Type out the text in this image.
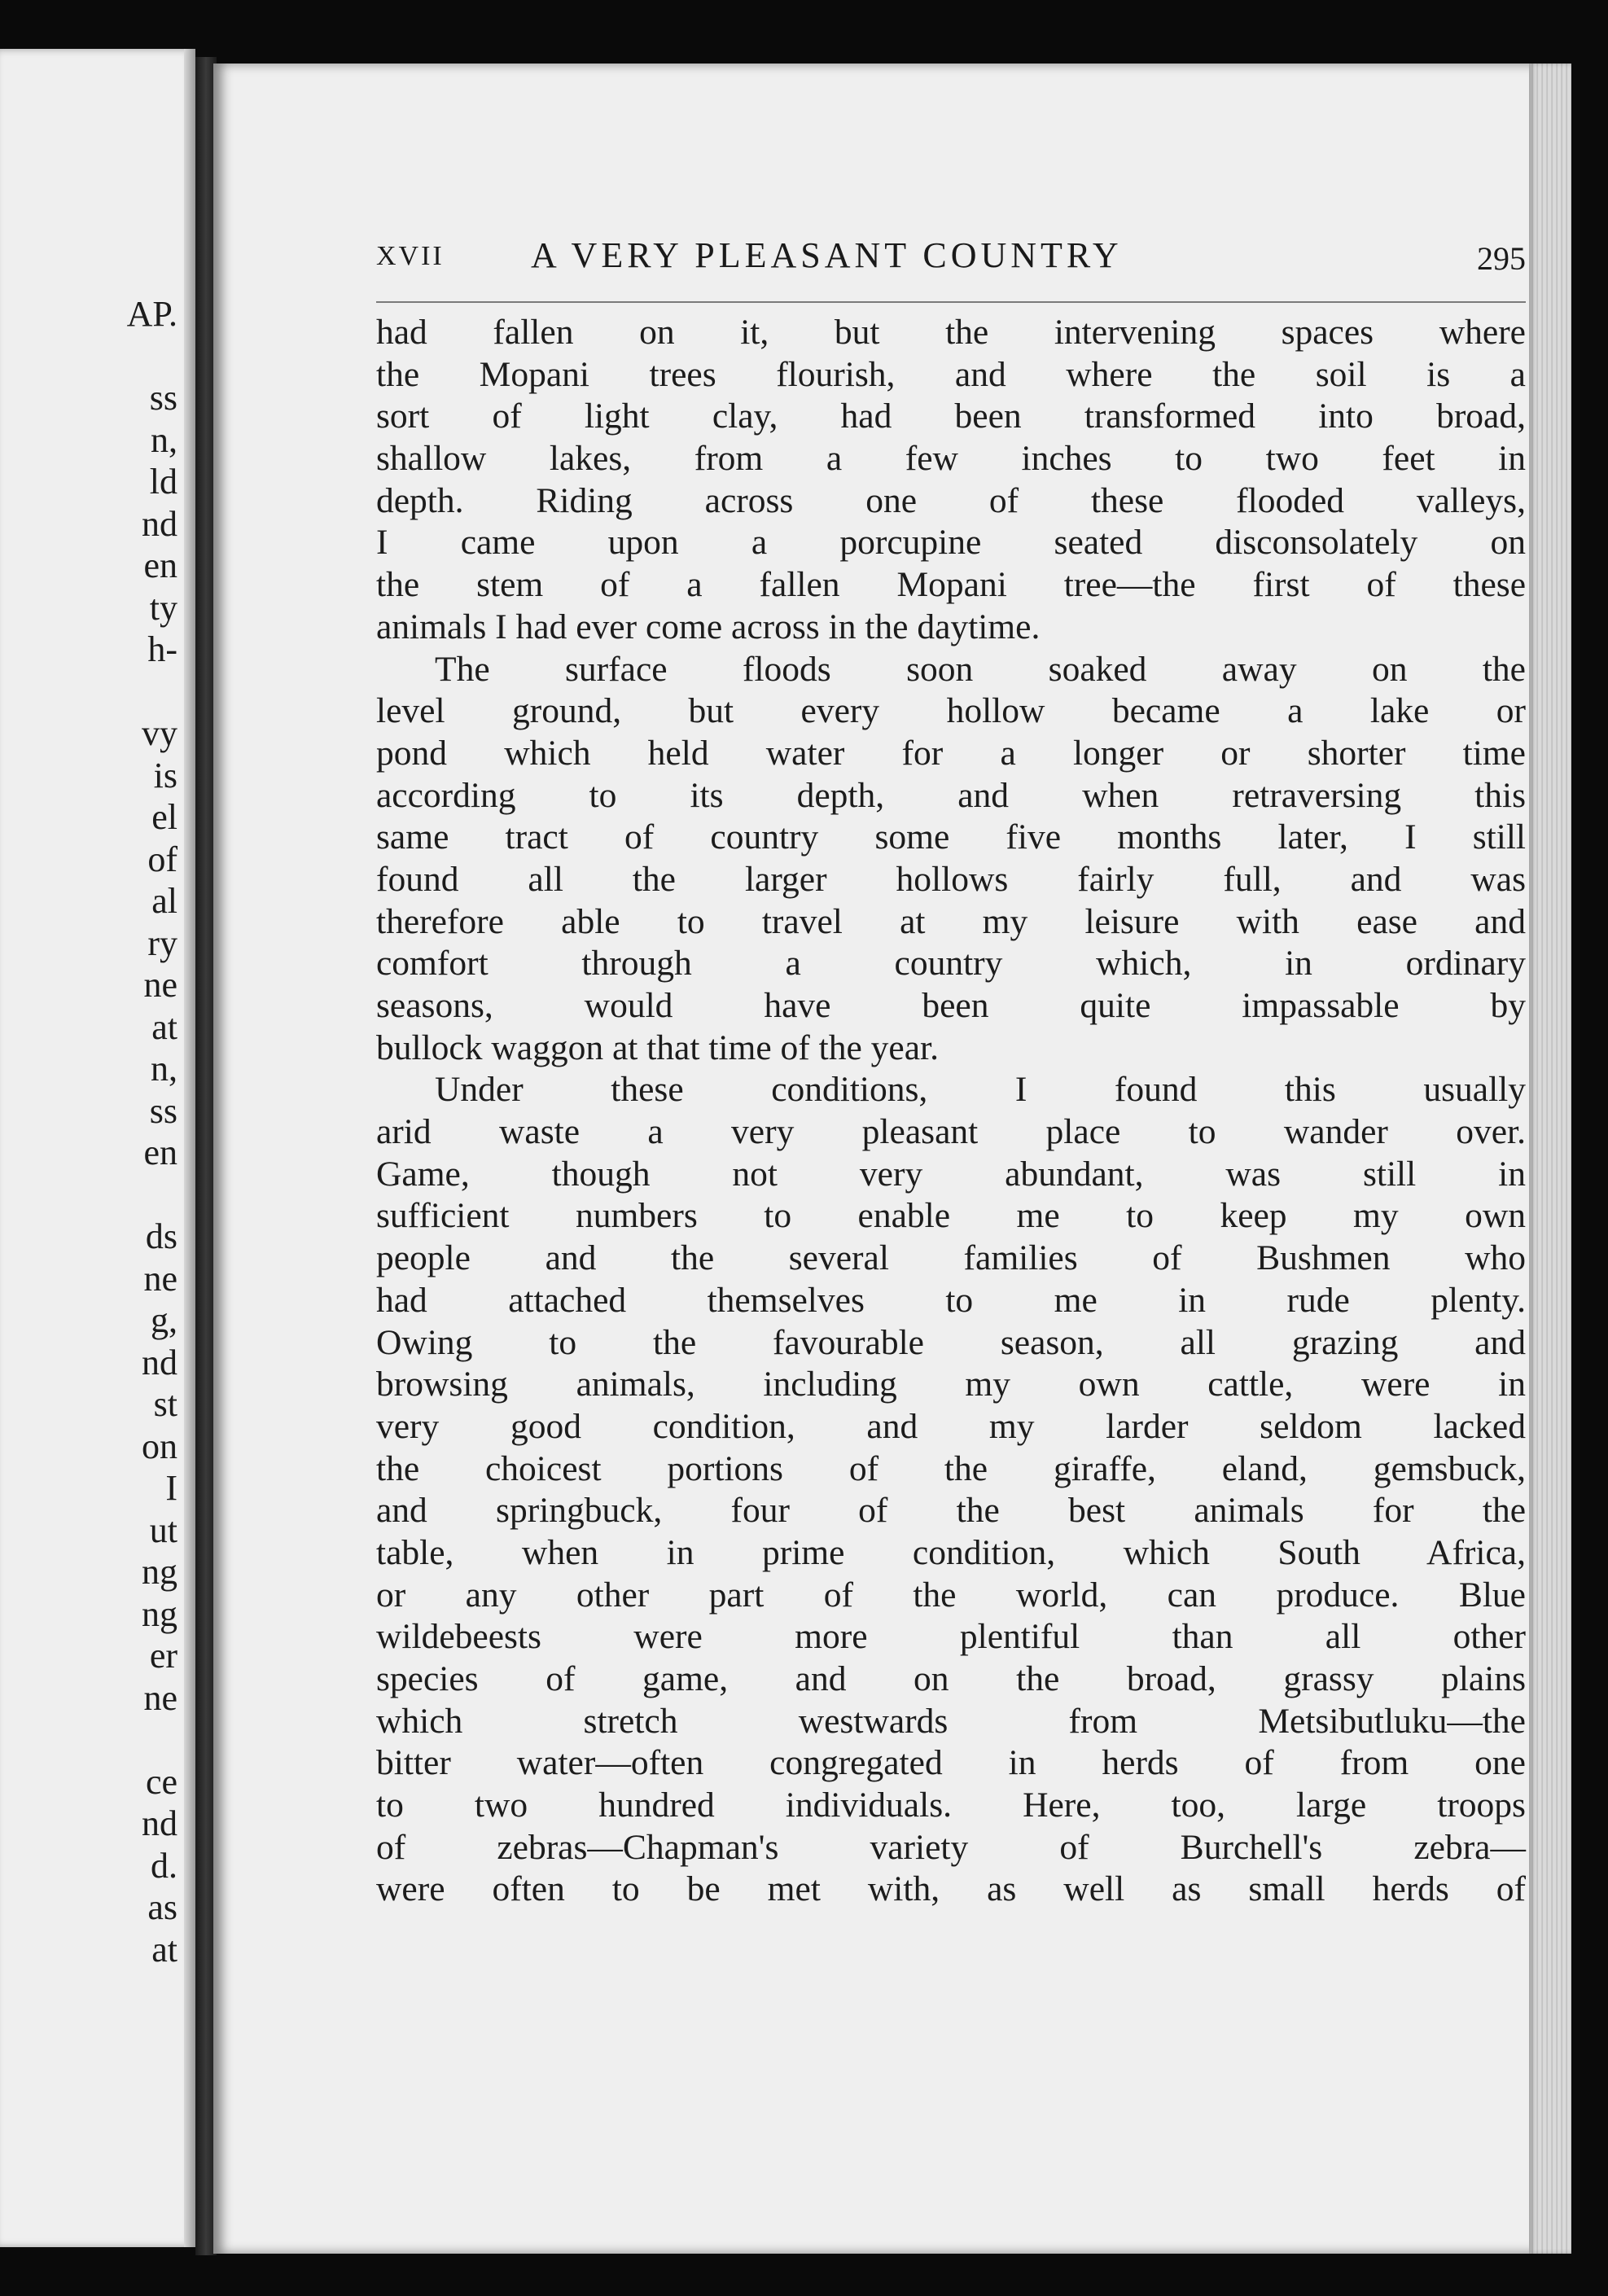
AP.
ss
n,
ld
nd
en
ty
h-
vy
is
el
of
al
ry
ne
at
n,
ss
en
ds
ne
g,
nd
st
on
I
ut
ng
ng
er
ne
ce
nd
d.
as
at
XVII A VERY PLEASANT COUNTRY	295
had fallen on it, but the intervening spaces where
the Mopani trees flourish, and where the soil is a
sort of light clay, had been transformed into broad,
shallow lakes, from a few inches to two feet in
depth. Riding across one of these flooded valleys,
I came upon a porcupine seated disconsolately on
the stem of a fallen Mopani tree—the first of these
animals I had ever come across in the daytime.
The surface floods soon soaked away on the
level ground, but every hollow became a lake or
pond which held water for a longer or shorter time
according to its depth, and when retraversing this
same tract of country some five months later, I still
found all the larger hollows fairly full, and was
therefore able to travel at my leisure with ease and
comfort through a country which, in ordinary
seasons, would have been quite impassable by
bullock waggon at that time of the year.
Under these conditions, I found this usually
arid waste a very pleasant place to wander over.
Game, though not very abundant, was still in
sufficient numbers to enable me to keep my own
people and the several families of Bushmen who
had attached themselves to me in rude plenty.
Owing to the favourable season, all grazing and
browsing animals, including my own cattle, were in
very good condition, and my larder seldom lacked
the choicest portions of the giraffe, eland, gemsbuck,
and springbuck, four of the best animals for the
table, when in prime condition, which South Africa,
or any other part of the world, can produce. Blue
wildebeests were more plentiful than all other
species of game, and on the broad, grassy plains
which stretch westwards from Metsibutluku—the
bitter water—often congregated in herds of from one
to two hundred individuals. Here, too, large troops
of zebras—Chapman's variety of Burchell's zebra—
were often to be met with, as well as small herds of
